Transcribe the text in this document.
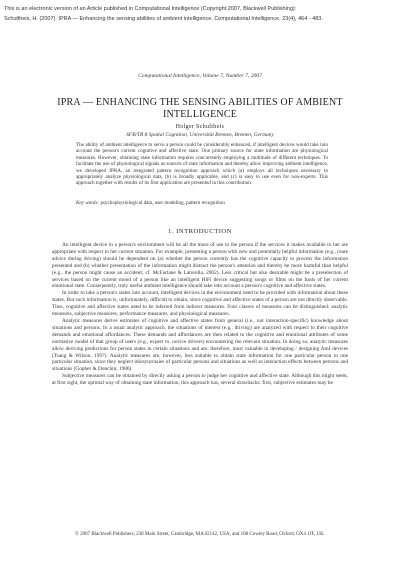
This is an electronic version of an Article published in Computational Intelligence (Copyright 2007, Blackwell Publishing):
Schultheis, H. (2007). IPRA — Enhancing the sensing abilities of ambient intelligence. Computational Intelligence, 23(4), 464 - 483.
Computational Intelligence, Volume 7, Number 7, 2007
IPRA — ENHANCING THE SENSING ABILITIES OF AMBIENT INTELLIGENCE
Holger Schultheis
SFB/TR 8 Spatial Cognition, Universität Bremen, Bremen, Germany
The ability of ambient intelligence to serve a person could be considerably enhanced, if intelligent devices would take into account the person's current cognitive and affective state. One primary source for state information are physiological measures. However, obtaining state information requires concurrently employing a multitude of different techniques. To facilitate the use of physiological signals as sources of state information and thereby allow improving ambient intelligence, we developed IPRA, an integrated pattern recognition approach which (a) employs all techniques necessary to appropriately analyze physiological data, (b) is broadly applicable, and (c) is easy to use even for non-experts. This approach together with results of its first application are presented in this contribution.
Key words: psychophysiological data, user modeling, pattern recognition
1. INTRODUCTION

An intelligent device in a person's environment will be all the more of use to the person if the services it makes available to her are appropriate with respect to her current situation. For example, presenting a person with new and potentially helpful information (e.g., route advice during driving) should be dependent on (a) whether the person currently has the cognitive capacity to process the information presented and (b) whether presentation of the information might distract the person's attention and thereby be more harmful than helpful (e.g., the person might cause an accident; cf. McFarlane & Latorella, 2002). Less critical but also desirable might be a preselection of services based on the current mood of a person like an intelligent HiFi device suggesting songs or films on the basis of her current emotional state. Consequently, truly useful ambient intelligence should take into account a person's cognitive and affective states.

In order to take a person's states into account, intelligent devices in the environment need to be provided with information about these states. But such information is, unfortunately, difficult to obtain, since cognitive and affective states of a person are not directly observable. Thus, cognitive and affective states need to be inferred from indirect measures. Four classes of measures can be distinguished: analytic measures, subjective measures, performance measures, and physiological measures.

Analytic measures derive estimates of cognitive and affective states from general (i.e., not interaction-specific) knowledge about situations and persons. In a usual analytic approach, the situations of interest (e.g., driving) are analyzed with respect to their cognitive demands and emotional affordances. These demands and affordances are then related to the cognitive and emotional attributes of some normative model of that group of users (e.g., expert vs. novice drivers) encountering the relevant situation. In doing so, analytic measures allow deriving predictions for person states in certain situations and are, therefore, most valuable in developing / designing AmI devices (Tsang & Wilson, 1997). Analytic measures are, however, less suitable to obtain state information for one particular person in one particular situation, since they neglect idiosyncrasies of particular persons and situations as well as interaction effects between persons and situations (Gopher & Donchin, 1986).

Subjective measures can be obtained by directly asking a person to judge her cognitive and affective state. Although this might seem, at first sight, the optimal way of obtaining state information, this approach has, several drawbacks: first, subjective estimates may be

© 2007 Blackwell Publishers, 238 Main Street, Cambridge, MA 02142, USA, and 108 Cowley Road, Oxford, OX4 1JF, UK.
